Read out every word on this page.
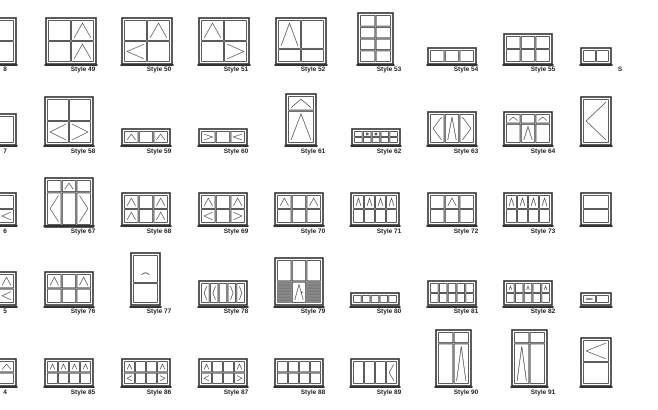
8	Style 49	Style 50	Style 51	Style 52	Style 53	Style 54	Style 55	S
7	Style 58	Style 59	Style 60	Style 61	Style 62	Style 63	Style 64
6	Style 67	Style 68	Style 69	Style 70	Style 71	Style 72	Style 73
5	Style 76	Style 77	Style 78	Style 79	Style 80	Style 81	Style 82
4	Style 85	Style 86	Style 87	Style 88	Style 89	Style 90	Style 91
